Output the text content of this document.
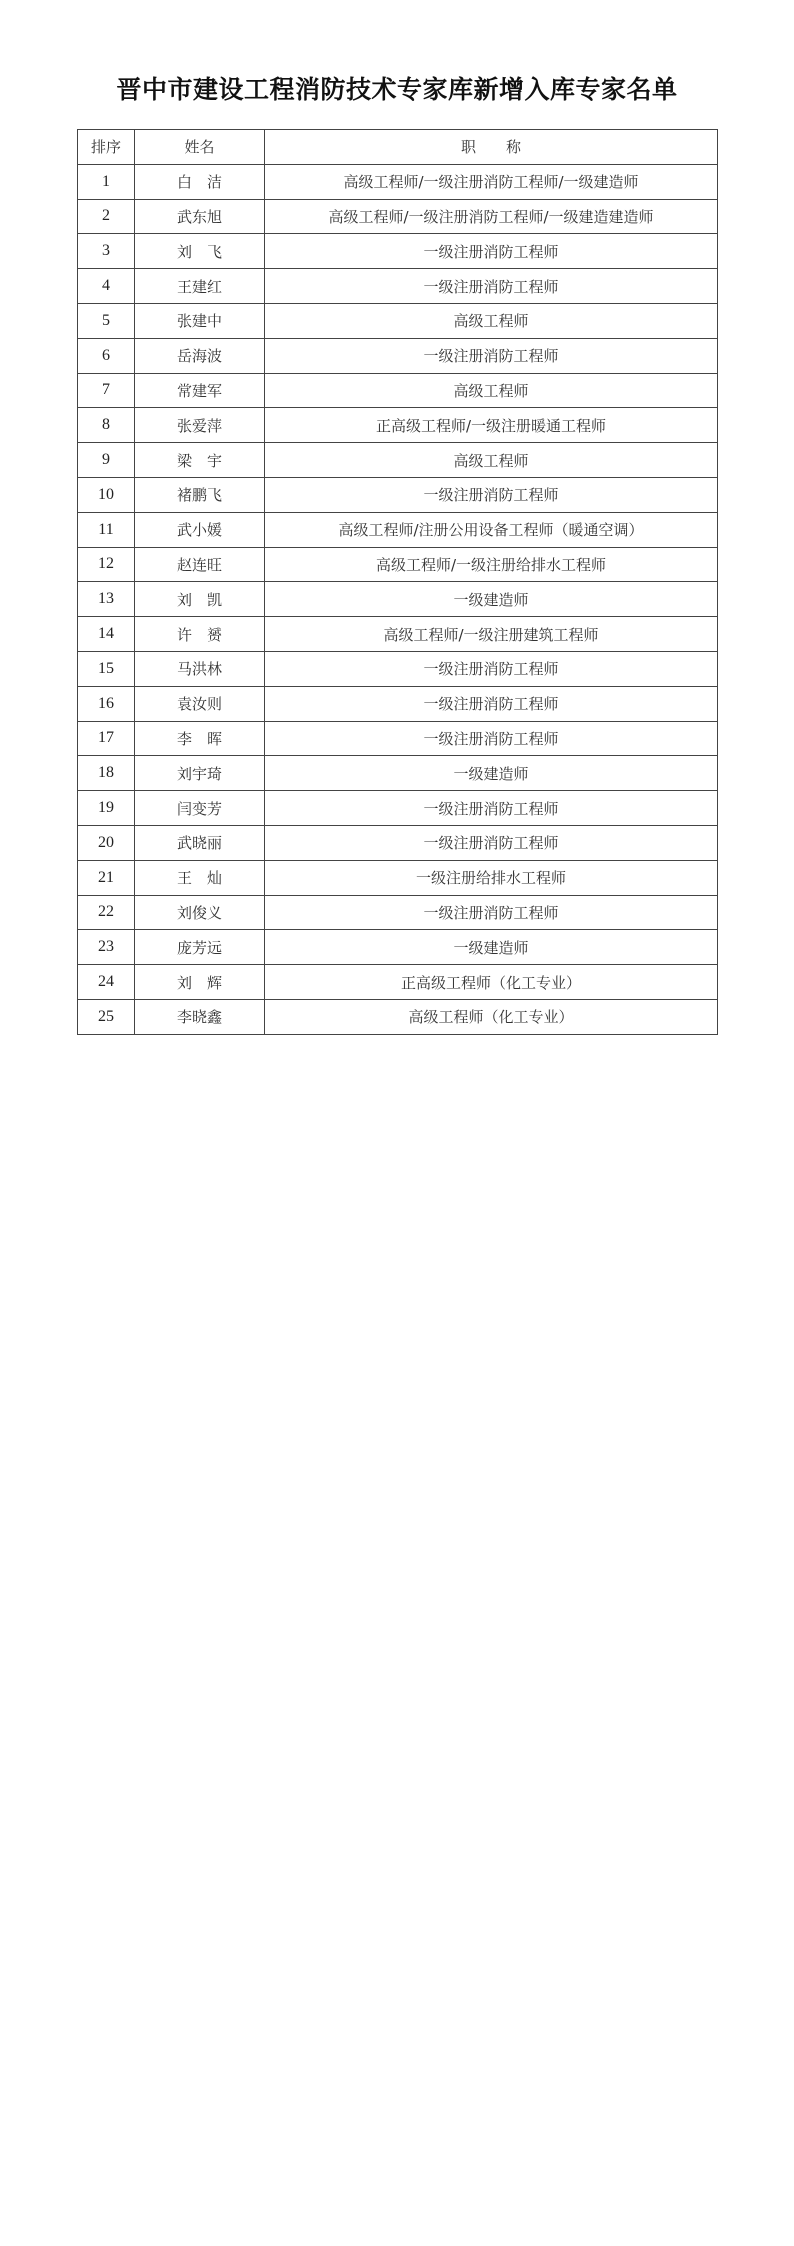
晋中市建设工程消防技术专家库新增入库专家名单
排序	姓名	职　　称
1	白　洁	高级工程师/一级注册消防工程师/一级建造师
2	武东旭	高级工程师/一级注册消防工程师/一级建造建造师
3	刘　飞	一级注册消防工程师
4	王建红	一级注册消防工程师
5	张建中	高级工程师
6	岳海波	一级注册消防工程师
7	常建军	高级工程师
8	张爱萍	正高级工程师/一级注册暖通工程师
9	梁　宇	高级工程师
10	褚鹏飞	一级注册消防工程师
11	武小媛	高级工程师/注册公用设备工程师（暖通空调）
12	赵连旺	高级工程师/一级注册给排水工程师
13	刘　凯	一级建造师
14	许　赟	高级工程师/一级注册建筑工程师
15	马洪林	一级注册消防工程师
16	袁汝则	一级注册消防工程师
17	李　晖	一级注册消防工程师
18	刘宇琦	一级建造师
19	闫变芳	一级注册消防工程师
20	武晓丽	一级注册消防工程师
21	王　灿	一级注册给排水工程师
22	刘俊义	一级注册消防工程师
23	庞芳远	一级建造师
24	刘　辉	正高级工程师（化工专业）
25	李晓鑫	高级工程师（化工专业）
